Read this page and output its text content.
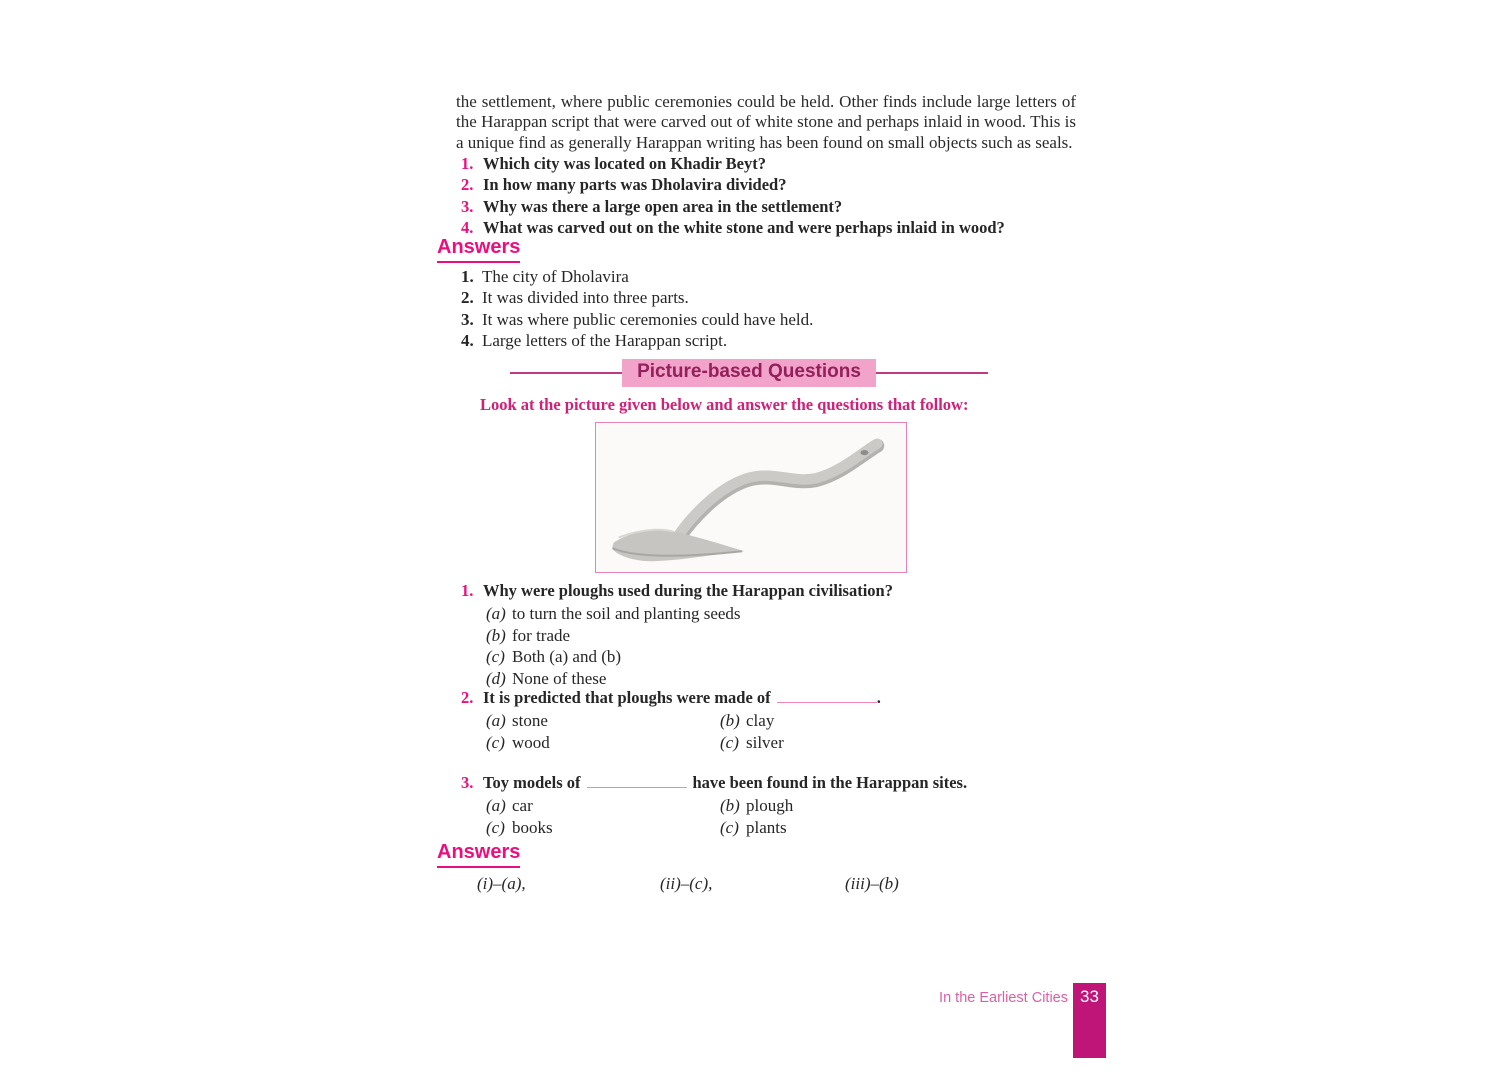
the settlement, where public ceremonies could be held. Other finds include large letters of the Harappan script that were carved out of white stone and perhaps inlaid in wood. This is a unique find as generally Harappan writing has been found on small objects such as seals.

1. Which city was located on Khadir Beyt?
2. In how many parts was Dholavira divided?
3. Why was there a large open area in the settlement?
4. What was carved out on the white stone and were perhaps inlaid in wood?
Answers
1. The city of Dholavira
2. It was divided into three parts.
3. It was where public ceremonies could have held.
4. Large letters of the Harappan script.
Picture-based Questions
Look at the picture given below and answer the questions that follow:
1. Why were ploughs used during the Harappan civilisation?
(a) to turn the soil and planting seeds
(b) for trade
(c) Both (a) and (b)
(d) None of these
2. It is predicted that ploughs were made of	.
(a) stone	(b) clay
(c) wood	(c) silver
3. Toy models of	have been found in the Harappan sites.
(a) car	(b) plough
(c) books	(c) plants
Answers
(i)–(a),	(ii)–(c),	(iii)–(b)
In the Earliest Cities 33
